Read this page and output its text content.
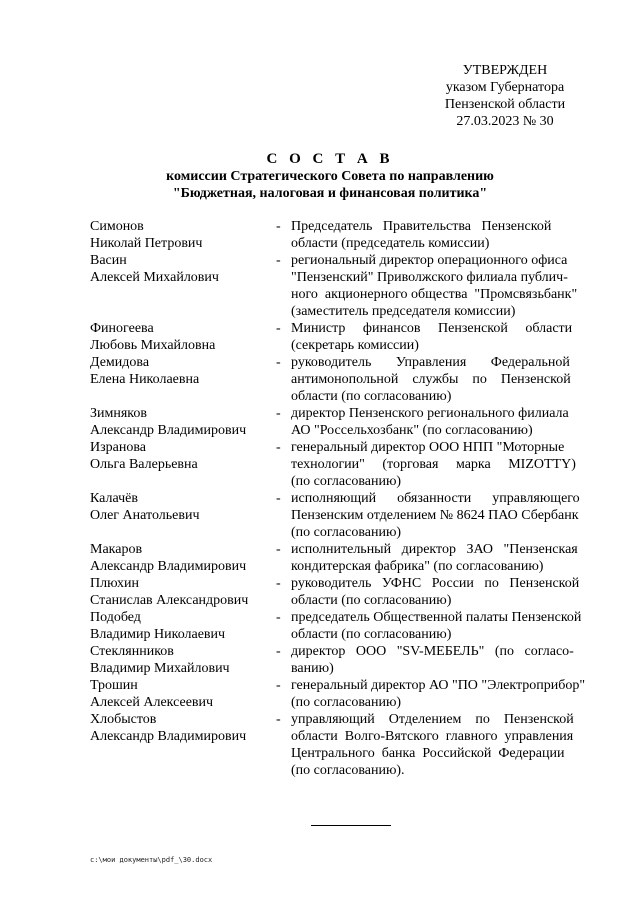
УТВЕРЖДЕН
указом Губернатора
Пензенской области
27.03.2023 № 30
С О С Т А В
комиссии Стратегического Совета по направлению
"Бюджетная, налоговая и финансовая политика"
Симонов
Николай Петрович
- Председатель   Правительства   Пензенской
области (председатель комиссии)
Васин
Алексей Михайлович
- региональный директор операционного офиса
"Пензенский" Приволжского филиала публич-
ного  акционерного общества  "Промсвязьбанк"
(заместитель председателя комиссии)
Финогеева
Любовь Михайловна
- Министр     финансов     Пензенской     области
(секретарь комиссии)
Демидова
Елена Николаевна
- руководитель       Управления       Федеральной
антимонопольной    службы    по    Пензенской
области (по согласованию)
Зимняков
Александр Владимирович
- директор Пензенского регионального филиала
АО "Россельхозбанк" (по согласованию)
Изранова
Ольга Валерьевна
- генеральный директор ООО НПП "Моторные
технологии"     (торговая     марка     MIZOTTY)
(по согласованию)
Калачёв
Олег Анатольевич
- исполняющий      обязанности      управляющего
Пензенским отделением № 8624 ПАО Сбербанк
(по согласованию)
Макаров
Александр Владимирович
- исполнительный   директор   ЗАО   "Пензенская
кондитерская фабрика" (по согласованию)
Плюхин
Станислав Александрович
- руководитель   УФНС   России   по   Пензенской
области (по согласованию)
Подобед
Владимир Николаевич
- председатель Общественной палаты Пензенской
области (по согласованию)
Стеклянников
Владимир Михайлович
- директор   ООО   "SV-МЕБЕЛЬ"   (по   согласо-
ванию)
Трошин
Алексей Алексеевич
- генеральный директор АО "ПО "Электроприбор"
(по согласованию)
Хлобыстов
Александр Владимирович
- управляющий    Отделением    по    Пензенской
области  Волго-Вятского  главного  управления
Центрального  банка  Российской  Федерации
(по согласованию).
c:\мои документы\pdf_\30.docx
